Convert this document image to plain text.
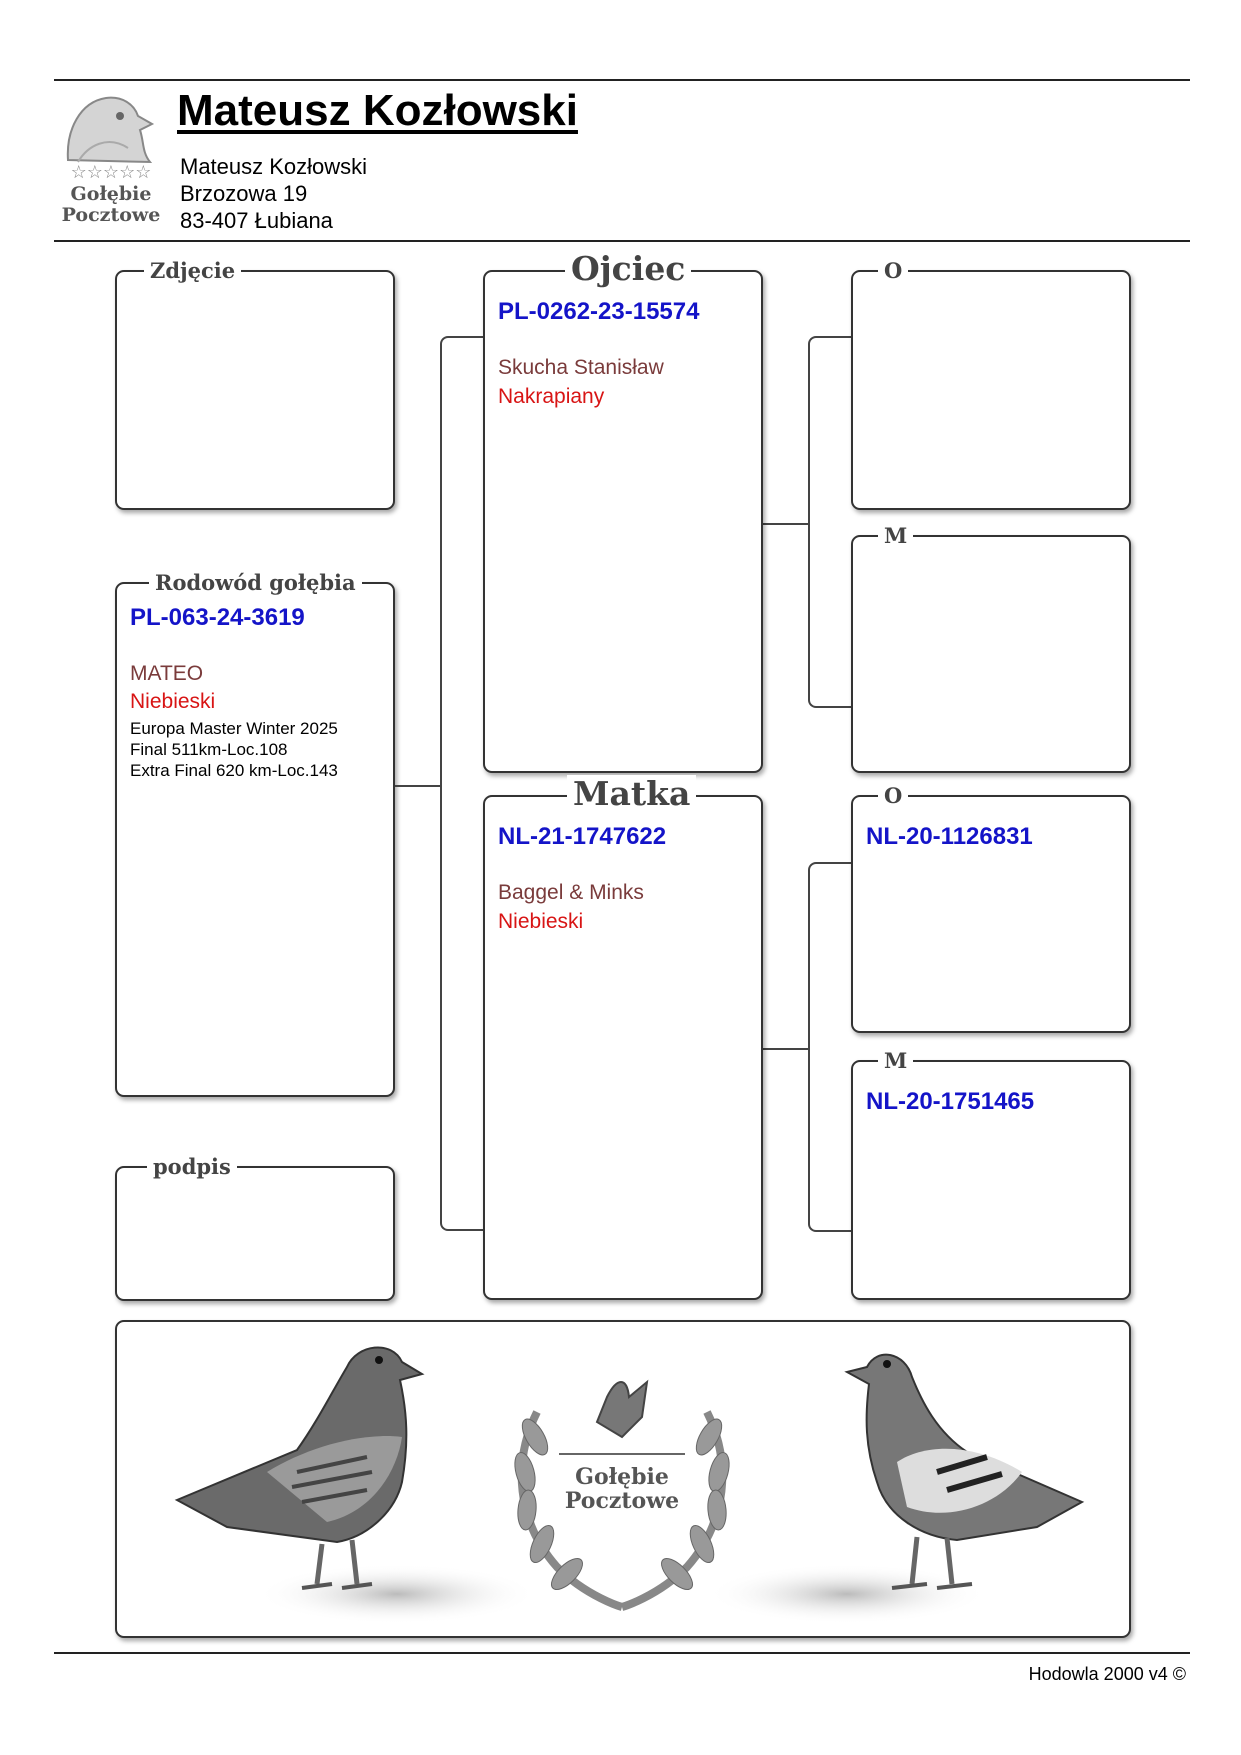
☆☆☆☆☆
Gołębie
Pocztowe
Mateusz Kozłowski
Mateusz Kozłowski
Brzozowa 19
83-407 Łubiana
Zdjęcie
Rodowód gołębia
PL-063-24-3619
MATEO
Niebieski
Europa Master Winter 2025
Final 511km-Loc.108
Extra Final 620 km-Loc.143
podpis
Ojciec
PL-0262-23-15574
Skucha Stanisław
Nakrapiany
Matka
NL-21-1747622
Baggel & Minks
Niebieski
O
M
O
NL-20-1126831
M
NL-20-1751465
Gołębie
Pocztowe
Hodowla 2000 v4 ©
